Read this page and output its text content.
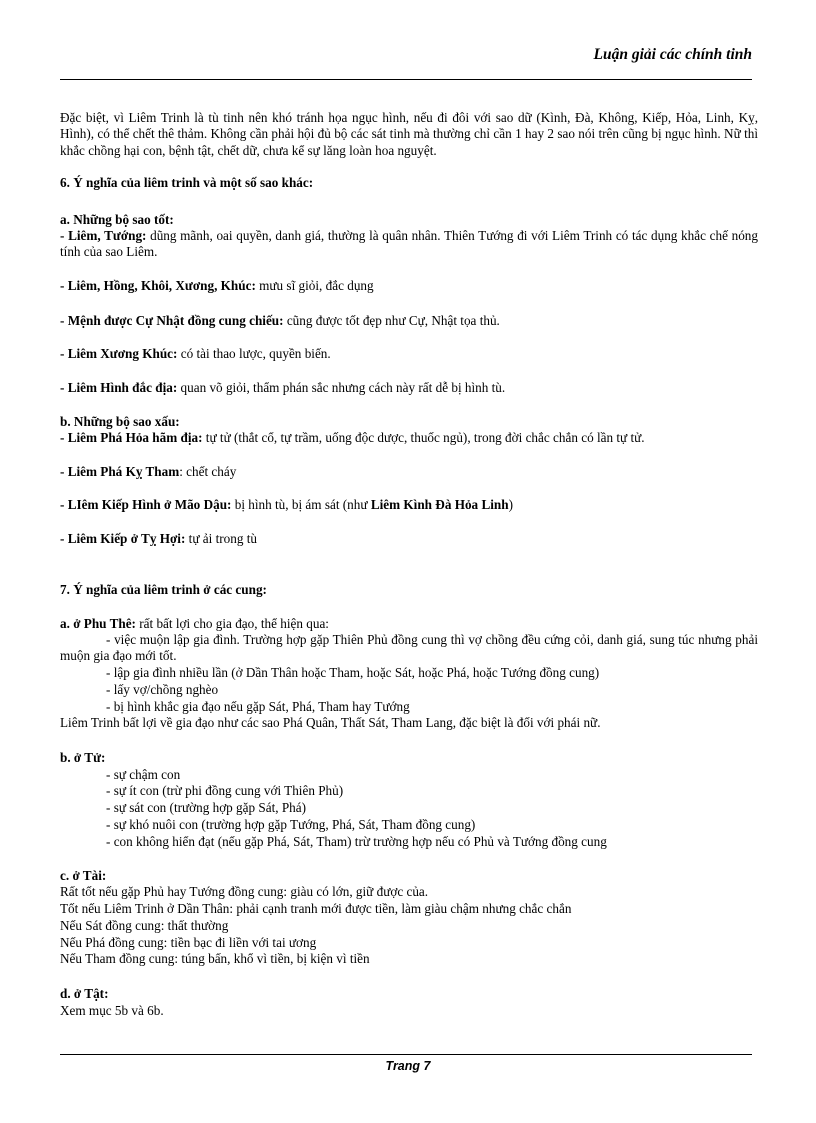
Luận giải các chính tinh

Đặc biệt, vì Liêm Trinh là tù tinh nên khó tránh họa ngục hình, nếu đi đôi với sao dữ (Kình, Đà, Không, Kiếp, Hỏa, Linh, Kỵ, Hình), có thể chết thê thảm. Không cần phải hội đủ bộ các sát tinh mà thường chỉ cần 1 hay 2 sao nói trên cũng bị ngục hình. Nữ thì khắc chồng hại con, bệnh tật, chết dữ, chưa kể sự lăng loàn hoa nguyệt.

6. Ý nghĩa của liêm trinh và một số sao khác:

a. Những bộ sao tốt:

- Liêm, Tướng: dũng mãnh, oai quyền, danh giá, thường là quân nhân. Thiên Tướng đi với Liêm Trinh có tác dụng khắc chế nóng tính của sao Liêm.

- Liêm, Hồng, Khôi, Xương, Khúc: mưu sĩ giỏi, đắc dụng

- Mệnh được Cự Nhật đồng cung chiếu: cũng được tốt đẹp như Cự, Nhật tọa thủ.

- Liêm Xương Khúc: có tài thao lược, quyền biến.

- Liêm Hình đắc địa: quan võ giỏi, thẩm phán sắc nhưng cách này rất dễ bị hình tù.

b. Những bộ sao xấu:

- Liêm Phá Hỏa hãm địa: tự tử (thắt cổ, tự trầm, uống độc dược, thuốc ngủ), trong đời chắc chắn có lần tự tử.

- Liêm Phá Kỵ Tham: chết cháy

- LIêm Kiếp Hình ở Mão Dậu: bị hình tù, bị ám sát (như Liêm Kình Đà Hỏa Linh)

- Liêm Kiếp ở Tỵ Hợi: tự ải trong tù

7. Ý nghĩa của liêm trinh ở các cung:

a. ở Phu Thê: rất bất lợi cho gia đạo, thể hiện qua:

- việc muộn lập gia đình. Trường hợp gặp Thiên Phủ đồng cung thì vợ chồng đều cứng cỏi, danh giá, sung túc nhưng phải muộn gia đạo mới tốt.

- lập gia đình nhiều lần (ở Dần Thân hoặc Tham, hoặc Sát, hoặc Phá, hoặc Tướng đồng cung)

- lấy vợ/chồng nghèo

- bị hình khắc gia đạo nếu gặp Sát, Phá, Tham hay Tướng

Liêm Trinh bất lợi về gia đạo như các sao Phá Quân, Thất Sát, Tham Lang, đặc biệt là đối với phái nữ.

b. ở Tử:

- sự chậm con

- sự ít con (trừ phi đồng cung với Thiên Phủ)

- sự sát con (trường hợp gặp Sát, Phá)

- sự khó nuôi con (trường hợp gặp Tướng, Phá, Sát, Tham đồng cung)

- con không hiển đạt (nếu gặp Phá, Sát, Tham) trừ trường hợp nếu có Phủ và Tướng đồng cung

c. ở Tài:

Rất tốt nếu gặp Phủ hay Tướng đồng cung: giàu có lớn, giữ được của.

Tốt nếu Liêm Trinh ở Dần Thân: phải cạnh tranh mới được tiền, làm giàu chậm nhưng chắc chắn

Nếu Sát đồng cung: thất thường

Nếu Phá đồng cung: tiền bạc đi liền với tai ương

Nếu Tham đồng cung: túng bấn, khổ vì tiền, bị kiện vì tiền

d. ở Tật:

Xem mục 5b và 6b.

Trang 7
